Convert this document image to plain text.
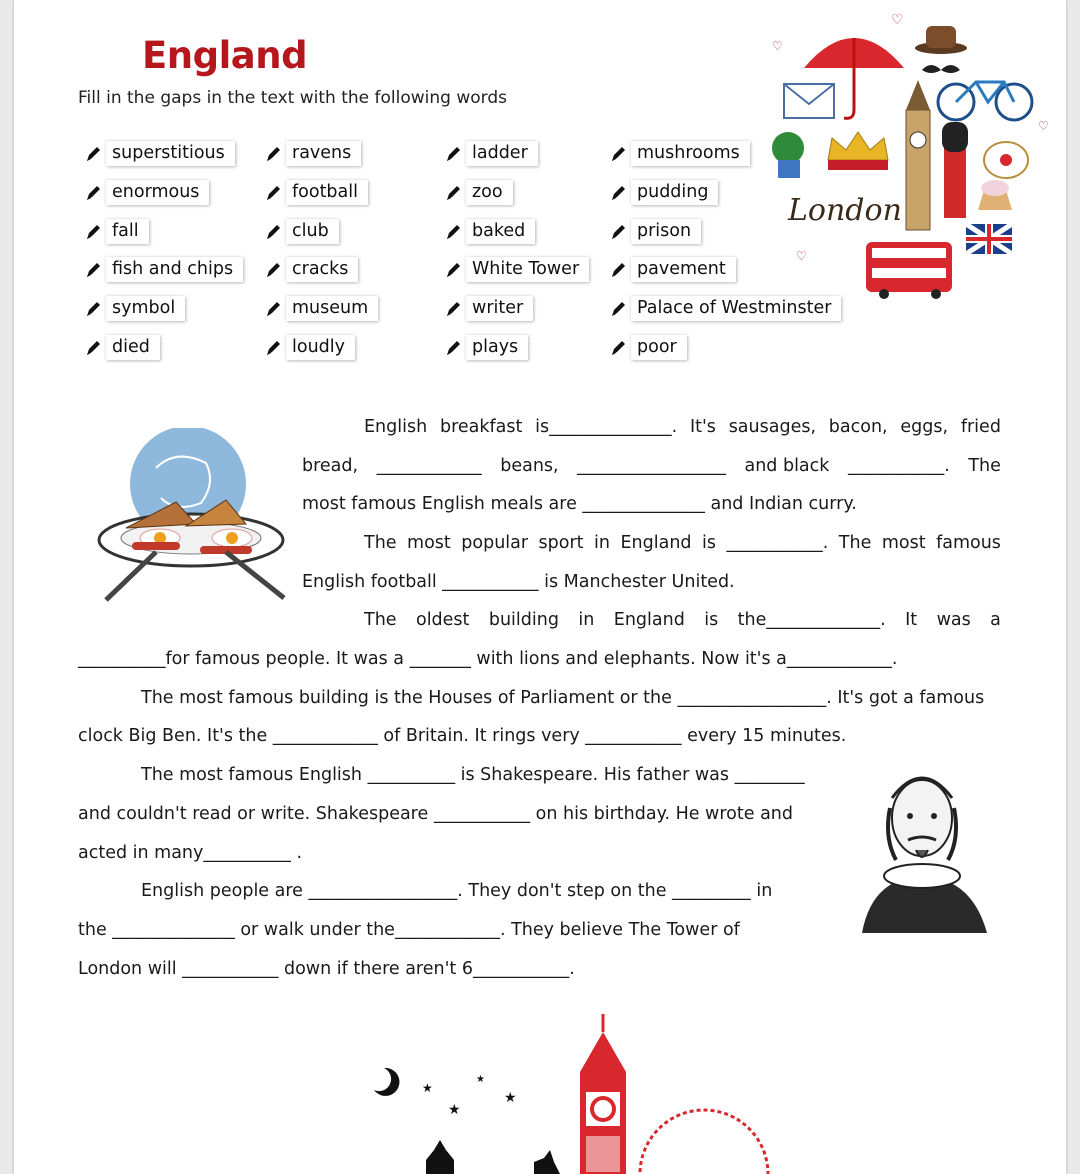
England
Fill in the gaps in the text with the following words
superstitious
enormous
fall
fish and chips
symbol
died
ravens
football
club
cracks
museum
loudly
ladder
zoo
baked
White Tower
writer
plays
mushrooms
pudding
prison
pavement
Palace of Westminster
poor
London
♡
♡
♡
♡
★
★
★
★
English breakfast is______________. It's sausages, bacon, eggs, fried
bread, ____________ beans, _________________ and black ___________. The
most famous English meals are ______________ and Indian curry.
The most popular sport in England is ___________. The most famous
English football ___________ is Manchester United.
The oldest building in England is the_____________. It was a
__________for famous people. It was a _______ with lions and elephants. Now it's a____________.
The most famous building is the Houses of Parliament or the _________________. It's got a famous
clock Big Ben. It's the ____________ of Britain. It rings very ___________ every 15 minutes.
The most famous English __________ is Shakespeare. His father was ________
and couldn't read or write. Shakespeare ___________ on his birthday. He wrote and
acted in many__________ .
English people are _________________. They don't step on the _________ in
the ______________ or walk under the____________. They believe The Tower of
London will ___________ down if there aren't 6___________.
